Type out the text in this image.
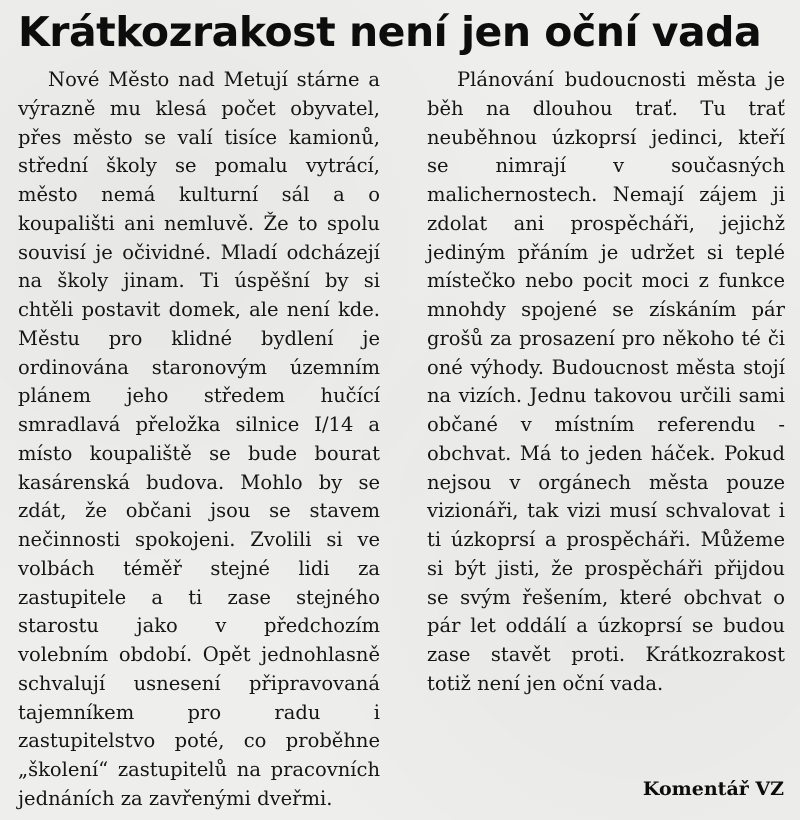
Krátkozrakost není jen oční vada

Nové Město nad Metují stárne a výrazně mu klesá počet obyvatel, přes město se valí tisíce kamionů, střední školy se pomalu vytrácí, město nemá kulturní sál a o koupališti ani nemluvě. Že to spolu souvisí je očividné. Mladí odcházejí na školy jinam. Ti úspěšní by si chtěli postavit domek, ale není kde. Městu pro klidné bydlení je ordinována staronovým územním plánem jeho středem hučící smradlavá přeložka silnice I/14 a místo koupaliště se bude bourat kasárenská budova. Mohlo by se zdát, že občani jsou se stavem nečinnosti spokojeni. Zvolili si ve volbách téměř stejné lidi za zastupitele a ti zase stejného starostu jako v předchozím volebním období. Opět jednohlasně schvalují usnesení připravovaná tajemníkem pro radu i zastupitelstvo poté, co proběhne „školení“ zastupitelů na pracovních jednáních za zavřenými dveřmi.

Plánování budoucnosti města je běh na dlouhou trať. Tu trať neuběhnou úzkoprsí jedinci, kteří se nimrají v současných malichernostech. Nemají zájem ji zdolat ani prospěcháři, jejichž jediným přáním je udržet si teplé místečko nebo pocit moci z funkce mnohdy spojené se získáním pár grošů za prosazení pro někoho té či oné výhody. Budoucnost města stojí na vizích. Jednu takovou určili sami občané v místním referendu - obchvat. Má to jeden háček. Pokud nejsou v orgánech města pouze vizionáři, tak vizi musí schvalovat i ti úzkoprsí a prospěcháři. Můžeme si být jisti, že prospěcháři přijdou se svým řešením, které obchvat o pár let oddálí a úzkoprsí se budou zase stavět proti. Krátkozrakost totiž není jen oční vada.

Komentář VZ
